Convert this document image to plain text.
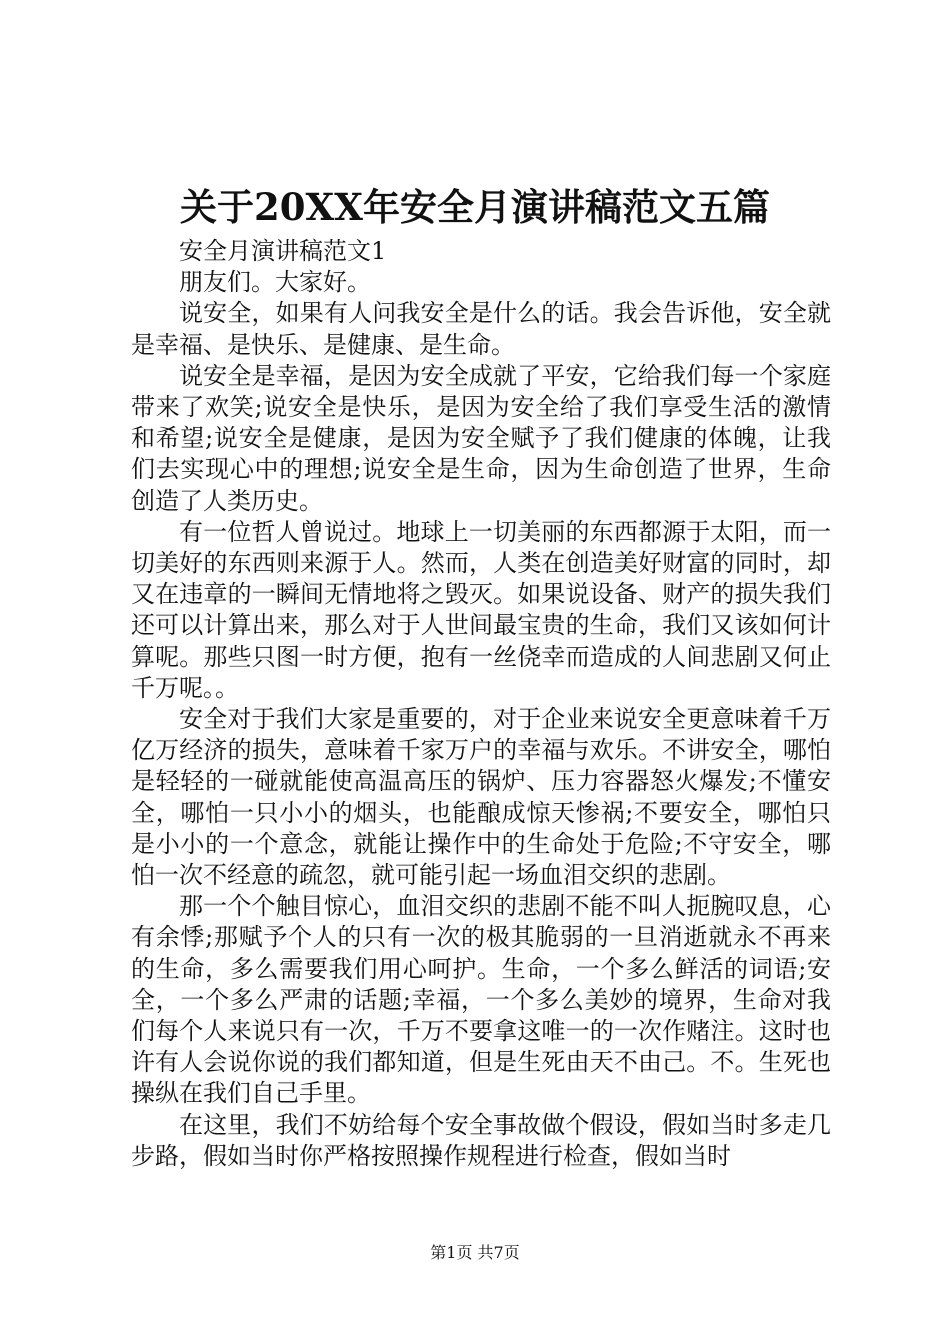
关于20XX年安全月演讲稿范文五篇

安全月演讲稿范文1

朋友们。大家好。

说安全，如果有人问我安全是什么的话。我会告诉他，安全就是幸福、是快乐、是健康、是生命。

说安全是幸福，是因为安全成就了平安，它给我们每一个家庭带来了欢笑;说安全是快乐，是因为安全给了我们享受生活的激情和希望;说安全是健康，是因为安全赋予了我们健康的体魄，让我们去实现心中的理想;说安全是生命，因为生命创造了世界，生命创造了人类历史。

有一位哲人曾说过。地球上一切美丽的东西都源于太阳，而一切美好的东西则来源于人。然而，人类在创造美好财富的同时，却又在违章的一瞬间无情地将之毁灭。如果说设备、财产的损失我们还可以计算出来，那么对于人世间最宝贵的生命，我们又该如何计算呢。那些只图一时方便，抱有一丝侥幸而造成的人间悲剧又何止千万呢。。

安全对于我们大家是重要的，对于企业来说安全更意味着千万亿万经济的损失，意味着千家万户的幸福与欢乐。不讲安全，哪怕是轻轻的一碰就能使高温高压的锅炉、压力容器怒火爆发;不懂安全，哪怕一只小小的烟头，也能酿成惊天惨祸;不要安全，哪怕只是小小的一个意念，就能让操作中的生命处于危险;不守安全，哪怕一次不经意的疏忽，就可能引起一场血泪交织的悲剧。

那一个个触目惊心，血泪交织的悲剧不能不叫人扼腕叹息，心有余悸;那赋予个人的只有一次的极其脆弱的一旦消逝就永不再来的生命，多么需要我们用心呵护。生命，一个多么鲜活的词语;安全，一个多么严肃的话题;幸福，一个多么美妙的境界，生命对我们每个人来说只有一次，千万不要拿这唯一的一次作赌注。这时也许有人会说你说的我们都知道，但是生死由天不由己。不。生死也操纵在我们自己手里。

在这里，我们不妨给每个安全事故做个假设，假如当时多走几步路，假如当时你严格按照操作规程进行检查，假如当时

第1页 共7页
